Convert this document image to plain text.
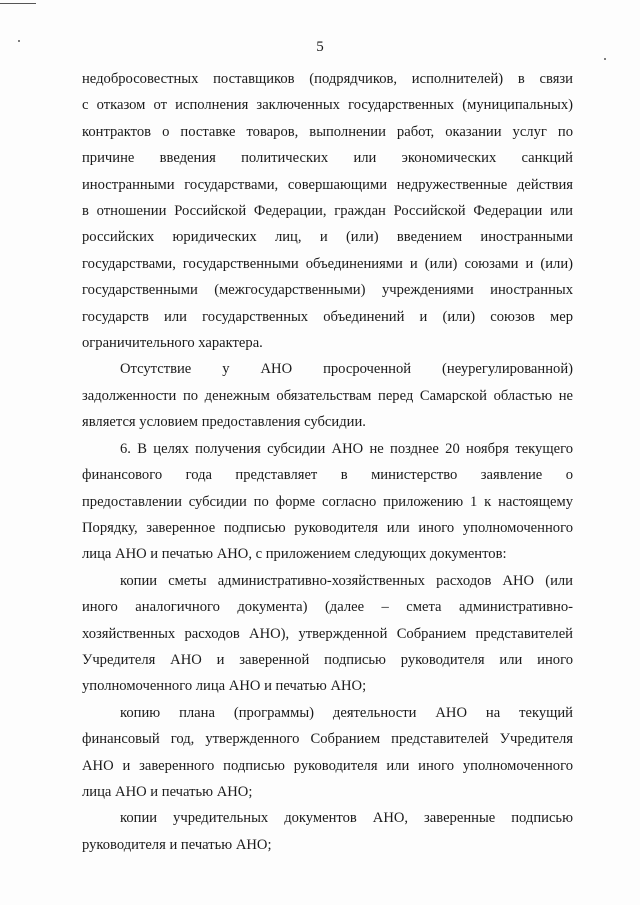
5

недобросовестных поставщиков (подрядчиков, исполнителей) в связи

с отказом от исполнения заключенных государственных (муниципальных)

контрактов о поставке товаров, выполнении работ, оказании услуг по

причине введения политических или экономических санкций

иностранными государствами, совершающими недружественные действия

в отношении Российской Федерации, граждан Российской Федерации или

российских юридических лиц, и (или) введением иностранными

государствами, государственными объединениями и (или) союзами и (или)

государственными (межгосударственными) учреждениями иностранных

государств или государственных объединений и (или) союзов мер

ограничительного характера.

Отсутствие у АНО просроченной (неурегулированной)

задолженности по денежным обязательствам перед Самарской областью не

является условием предоставления субсидии.

6. В целях получения субсидии АНО не позднее 20 ноября текущего

финансового года представляет в министерство заявление о

предоставлении субсидии по форме согласно приложению 1 к настоящему

Порядку, заверенное подписью руководителя или иного уполномоченного

лица АНО и печатью АНО, с приложением следующих документов:

копии сметы административно-хозяйственных расходов АНО (или

иного аналогичного документа) (далее – смета административно-

хозяйственных расходов АНО), утвержденной Собранием представителей

Учредителя АНО и заверенной подписью руководителя или иного

уполномоченного лица АНО и печатью АНО;

копию плана (программы) деятельности АНО на текущий

финансовый год, утвержденного Собранием представителей Учредителя

АНО и заверенного подписью руководителя или иного уполномоченного

лица АНО и печатью АНО;

копии учредительных документов АНО, заверенные подписью

руководителя и печатью АНО;
